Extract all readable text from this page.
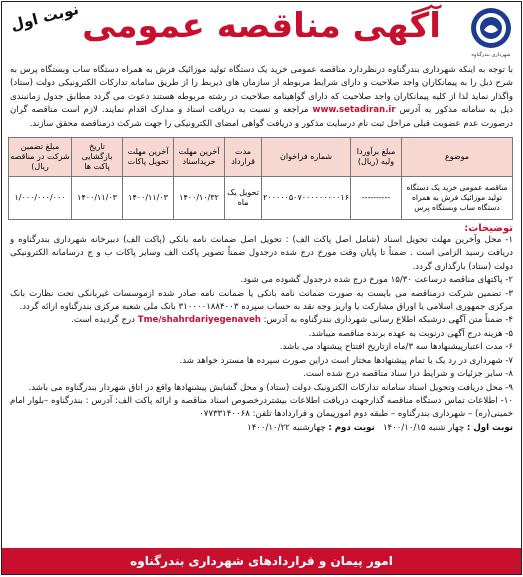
شهرداری بندرگناوه
آگهی مناقصه عمومی
نوبت اول
با توجه به اینکه شهرداری بندرگناوه درنظردارد مناقصه عمومی خرید یک دستگاه تولید موزائیک فرش به همراه دستگاه ساب وبستگاه پرس به شرح ذیل را به پیمانکاران واجد صلاحیت و دارای شرایط مربوطه از سازمان های ذیربط را از طریق سامانه تدارکات الکترونیکی دولت (ستاد) واگذار نماید لذا از کلیه پیمانکاران واجد صلاحیت که دارای گواهینامه صلاحیت در رشته مربوطه هستند دعوت می گردد مطابق جدول زمانبندی ذیل به سامانه مذکور به آدرس www.setadiran.ir مراجعه و نسبت به دریافت اسناد و مدارک اقدام نمایند. لازم است مناقصه گران درصورت عدم عضویت قبلی مراحل ثبت نام درسایت مذکور و دریافت گواهی امضای الکترونیکی را جهت شرکت درمناقصه محقق سازند.
موضوع	مبلغ برآوردا ولیه (ریال)	شماره فراخوان	مدت قرارداد	آخرین مهلت خریداسناد	آخرین مهلت تحویل پاکات	تاریخ بازگشایی پاکت ها	مبلغ تضمین شرکت در مناقصه ریال)
مناقصه عمومی خرید یک دستگاه تولید موزائیک فرش به همراه دستگاه ساب وبستگاه پرس	----------	۲۰۰۰۰۰۵۰۷۰۰۰۰۰۰۰۰۰۱۶	تحویل یک ماه	۱۴۰۰/۱۰/۳۲	۱۴۰۰/۱۱/۰۳	۱۴۰۰/۱۱/۰۳	۱/۰۰۰/۰۰۰/۰۰۰
توضیحات:

۱- محل وآخرین مهلت تحویل اسناد (شامل اصل پاکت الف) : تحویل اصل ضمانت نامه بانکی (پاکت الف) دبیرخانه شهرداری بندرگناوه و دریافت رسید الزامی است . ضمناً تا پایان وقت مورخ درج شده درجدول ضمناً تصویر پاکت الف وسایر پاکات ب و ج درسامانه الکترونیکی دولت (ستاد) بارگذاری گردد.

۲- پاکتهای مناقصه درساعت ۱۵/۳۰ مورخ درج شده درجدول گشوده می شود.

۳- تضمین شرکت درمناقصه می بایست به صورت ضمانت نامه بانکی یا ضمانت نامه صادر شده ازموسسات غیربانکی تحت نظارت بانک مرکزی جمهوری اسلامی یا اوراق مشارکت یا واریز وجه نقد به حساب سپرده ۳۱۰۰۰۰۱۸۸۴۰۰۳ بانک ملی شعبه مرکزی بندرگناوه ارائه گردد.

۴- ضمناً متن آگهی درشبکه اطلاع رسانی شهرداری بندرگناوه به آدرس: Tme/shahrdariyegenaveh درج گردیده است.

۵- هزینه درج آگهی درنوبت به عهده برنده مناقصه میباشد.

۶- مدت اعتبارپیشنهادها سه ۳/ماه ازتاریخ افتتاح پیشنهاد می باشد.

۷- شهرداری در رد یک یا تمام پیشنهادها مختار است دراین صورت سپرده ها مسترد خواهد شد.

۸- سایر جزئیات و شرایط درا سناد مناقصه درج شده است.

۹- محل دریافت وتحویل اسناد سامانه تدارکات الکترونیک دولت (ستاد) و محل گشایش پیشنهادها واقع در اتاق شهردار بندرگناوه می باشد.

۱۰- اطلاعات تماس دستگاه مناقصه گذارجهت دریافت اطلاعات بیشتردرخصوص اسناد مناقصه و ارائه پاکت الف: آدرس : بندرگناوه –بلوار امام خمینی(ره) – شهرداری بندرگناوه – طبقه دوم امورپیمان و قراردادها تلفن: ۰۷۷۳۳۱۴۰۰۶۸

نوبت اول : چهار شنبه ۱۴۰۰/۱۰/۱۵   نوبت دوم : چهارشنبه ۱۴۰۰/۱۰/۲۲

امور پیمان و قراردادهای شهرداری بندرگناوه
